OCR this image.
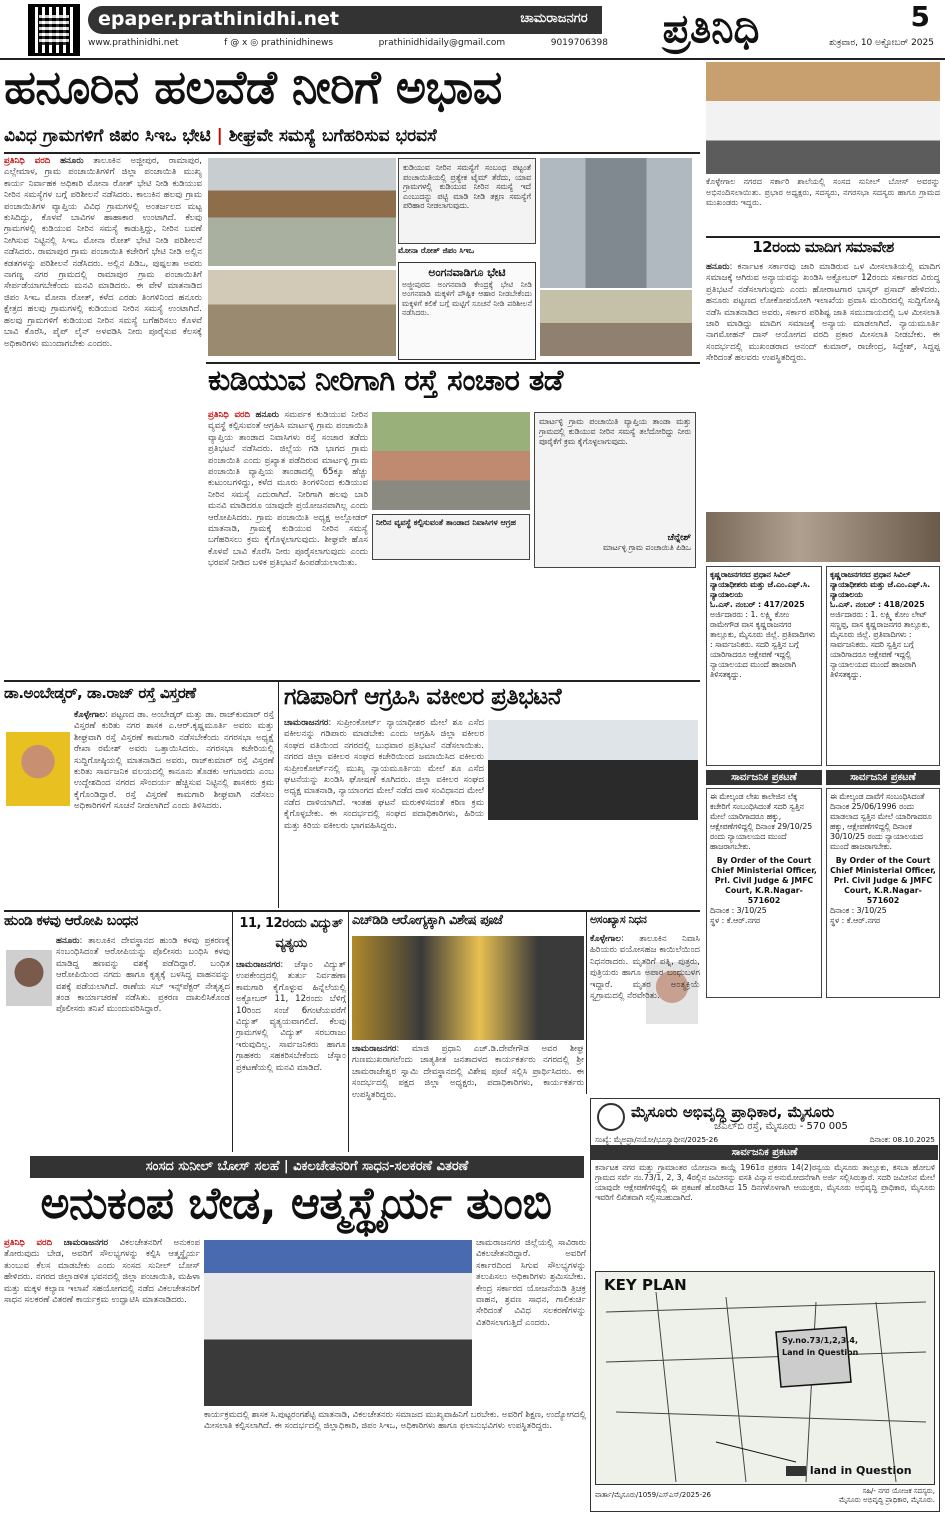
epaper.prathinidhi.net	ಚಾಮರಾಜನಗರ
www.prathinidhi.net	f @ x ◎ prathinidhinews	prathinidhidaily@gmail.com	9019706398	ಪ್ರತಿನಿಧಿ	5
ಶುಕ್ರವಾರ, 10 ಅಕ್ಟೋಬರ್ 2025
ಹನೂರಿನ ಹಲವೆಡೆ ನೀರಿಗೆ ಅಭಾವ
ವಿವಿಧ ಗ್ರಾಮಗಳಿಗೆ ಜಿಪಂ ಸಿಇಒ ಭೇಟಿ | ಶೀಘ್ರವೇ ಸಮಸ್ಯೆ ಬಗೆಹರಿಸುವ ಭರವಸೆ
ಪ್ರತಿನಿಧಿ ವರದಿ ಹನೂರು ತಾಲೂಕಿನ ಅಜ್ಜೀಪುರ, ರಾಮಾಪುರ, ಎಲ್ಲೇಮಾಳ, ಗ್ರಾಮ ಪಂಚಾಯಿತಿಗಳಿಗೆ ಜಿಲ್ಲಾ ಪಂಚಾಯಿತಿ ಮುಖ್ಯ ಕಾರ್ಯ ನಿರ್ವಾಹಕ ಅಧಿಕಾರಿ ಮೋನಾ ರೋತ್ ಭೇಟಿ ನೀಡಿ ಕುಡಿಯುವ ನೀರಿನ ಸಮಸ್ಯೆಗಳ ಬಗ್ಗೆ ಪರಿಶೀಲನೆ ನಡೆಸಿದರು. ಕಾಲುಕಿನ ಹಲವು ಗ್ರಾಮ ಪಂಚಾಯಿತಿಗಳ ವ್ಯಾಪ್ತಿಯ ವಿವಿಧ ಗ್ರಾಮಗಳಲ್ಲಿ ಅಂತರ್ಜಲದ ಮಟ್ಟ ಕುಸಿದಿದ್ದು, ಕೊಳವೆ ಬಾವಿಗಳ ಹಾಹಾಕಾರ ಉಂಟಾಗಿದೆ. ಕೆಲವು ಗ್ರಾಮಗಳಲ್ಲಿ ಕುಡಿಯುವ ನೀರಿನ ಸಮಸ್ಯೆ ಕಾಡುತ್ತಿದ್ದು, ನೀರಿನ ಬವಣೆ ನೀಗಿಸುವ ನಿಟ್ಟಿನಲ್ಲಿ ಸಿಇಒ ಮೋನಾ ರೋತ್ ಭೇಟಿ ನೀಡಿ ಪರಿಶೀಲನೆ ನಡೆಸಿದರು. ರಾಮಾಪುರ ಗ್ರಾಮ ಪಂಚಾಯಿತಿ ಕಚೇರಿಗೆ ಭೇಟಿ ನೀಡಿ ಅಲ್ಲಿನ ಕಡತಗಳನ್ನು ಪರಿಶೀಲನೆ ನಡೆಸಿದರು. ಅಲ್ಲಿನ ಪಿಡಿಒ, ಪುಷ್ಪಲತಾ ಅವರು ನಾಗಣ್ಣ ನಗರ ಗ್ರಾಮದಲ್ಲಿ ರಾಮಾಪುರ ಗ್ರಾಮ ಪಂಚಾಯಿತಿಗೆ ಸೇರ್ಪಡೆಯಾಗಬೇಕೆಂದು ಮನವಿ ಮಾಡಿದರು. ಈ ವೇಳೆ ಮಾತನಾಡಿದ ಜಿಪಂ ಸಿಇಒ ಮೋನಾ ರೋತ್, ಕಳೆದ ಎರಡು ತಿಂಗಳಿನಿಂದ ಹನೂರು ಕ್ಷೇತ್ರದ ಹಲವು ಗ್ರಾಮಗಳಲ್ಲಿ ಕುಡಿಯುವ ನೀರಿನ ಸಮಸ್ಯೆ ಉಂಟಾಗಿದೆ. ಹಲವು ಗ್ರಾಮಗಳಿಗೆ ಕುಡಿಯುವ ನೀರಿನ ಸಮಸ್ಯೆ ಬಗೆಹರಿಸಲು ಕೊಳವೆ ಬಾವಿ ಕೊರೆಸಿ, ಪೈಪ್ ಲೈನ್ ಅಳವಡಿಸಿ ನೀರು ಪೂರೈಸುವ ಕೆಲಸಕ್ಕೆ ಅಧಿಕಾರಿಗಳು ಮುಂದಾಗಬೇಕು ಎಂದರು.
ಕುಡಿಯುವ ನೀರಿನ ಸಮಸ್ಯೆಗೆ ಸಂಬಂಧ ಪಟ್ಟಂತೆ ಪಂಚಾಯಿತಿಯಲ್ಲಿ ಪ್ರತ್ಯೇಕ ಟೈಮ್ ತೆರೆದು, ಯಾವ ಗ್ರಾಮಗಳಲ್ಲಿ ಕುಡಿಯುವ ನೀರಿನ ಸಮಸ್ಯೆ ಇದೆ ಎಂಬುದನ್ನು ಪಟ್ಟಿ ಮಾಡಿ ನೀಡಿ ತಕ್ಷಣ ಸಮಸ್ಯೆಗೆ ಪರಿಹಾರ ನೀಡಲಾಗುವುದು.
ಮೋನಾ ರೋತ್ ಜಿಪಂ ಸಿಇಒ
ಅಂಗನವಾಡಿಗೂ ಭೇಟಿ
ಅಜ್ಜೀಪುರದ ಅಂಗನವಾಡಿ ಕೇಂದ್ರಕ್ಕೆ ಭೇಟಿ ನೀಡಿ ಅಂಗನವಾಡಿ ಮಕ್ಕಳಿಗೆ ಪೌಷ್ಟಿಕ ಆಹಾರ ನೀಡಬೇಕೆಂದು ಮಕ್ಕಳಿಗೆ ಕಲಿಕೆ ಬಗ್ಗೆ ಮಟ್ಟಿಗೆ ಸೂಚನೆ ನೀಡಿ ಪರಿಶೀಲನೆ ನಡೆಸಿದರು.
ಕುಡಿಯುವ ನೀರಿಗಾಗಿ ರಸ್ತೆ ಸಂಚಾರ ತಡೆ
ಪ್ರತಿನಿಧಿ ವರದಿ ಹನೂರು ಸಮರ್ಪಕ ಕುಡಿಯುವ ನೀರಿನ ವ್ಯವಸ್ಥೆ ಕಲ್ಪಿಸುವಂತೆ ಆಗ್ರಹಿಸಿ ಮಾರ್ಟಳ್ಳಿ ಗ್ರಾಮ ಪಂಚಾಯಿತಿ ವ್ಯಾಪ್ತಿಯ ತಾಂಡಾದ ನಿವಾಸಿಗಳು ರಸ್ತೆ ಸಂಚಾರ ತಡೆದು ಪ್ರತಿಭಟನೆ ನಡೆಸಿದರು. ಜಿಲ್ಲೆಯ ಗಡಿ ಭಾಗದ ಗ್ರಾಮ ಪಂಚಾಯಿತಿ ಎಂದು ಪ್ರಖ್ಯಾತ ಪಡೆದಿರುವ ಮಾರ್ಟಳ್ಳಿ ಗ್ರಾಮ ಪಂಚಾಯಿತಿ ವ್ಯಾಪ್ತಿಯ ತಾಂಡಾದಲ್ಲಿ 65ಕ್ಕೂ ಹೆಚ್ಚು ಕುಟುಂಬಗಳಿದ್ದು, ಕಳೆದ ಮೂರು ತಿಂಗಳಿನಿಂದ ಕುಡಿಯುವ ನೀರಿನ ಸಮಸ್ಯೆ ಎದುರಾಗಿದೆ. ನೀರಿಗಾಗಿ ಹಲವು ಬಾರಿ ಮನವಿ ಮಾಡಿದರೂ ಯಾವುದೇ ಪ್ರಯೋಜನವಾಗಿಲ್ಲ ಎಂದು ಆರೋಪಿಸಿದರು. ಗ್ರಾಮ ಪಂಚಾಯಿತಿ ಅಧ್ಯಕ್ಷ ಅಲ್ಲೋಡರ್ ಮಾತನಾಡಿ, ಗ್ರಾಮಕ್ಕೆ ಕುಡಿಯುವ ನೀರಿನ ಸಮಸ್ಯೆ ಬಗೆಹರಿಸಲು ಕ್ರಮ ಕೈಗೊಳ್ಳಲಾಗುವುದು. ಶೀಘ್ರವೇ ಹೊಸ ಕೊಳವೆ ಬಾವಿ ಕೊರೆಸಿ ನೀರು ಪೂರೈಸಲಾಗುವುದು ಎಂದು ಭರವಸೆ ನೀಡಿದ ಬಳಿಕ ಪ್ರತಿಭಟನೆ ಹಿಂಪಡೆಯಲಾಯಿತು.
ನೀರಿನ ವ್ಯವಸ್ಥೆ ಕಲ್ಪಿಸುವಂತೆ ತಾಂಡಾದ ನಿವಾಸಿಗಳ ಆಗ್ರಹ
ಮಾರ್ಟಳ್ಳಿ ಗ್ರಾಮ ಪಂಚಾಯಿತಿ ವ್ಯಾಪ್ತಿಯ ತಾಂಡಾ ಮತ್ತು ಗ್ರಾಮದಲ್ಲಿ ಕುಡಿಯುವ ನೀರಿನ ಸಮಸ್ಯೆ ತಲೆದೋರಿದ್ದು ನೀರು ಪೂರೈಕೆಗೆ ಕ್ರಮ ಕೈಗೊಳ್ಳಲಾಗುವುದು.
ಚೆನ್ನೇಶ್
ಮಾರ್ಟಳ್ಳಿ ಗ್ರಾಮ ಪಂಚಾಯಿತಿ ಪಿಡಿಒ
ಕೊಳ್ಳೇಗಾಲ ನಗರದ ಸರ್ಕಾರಿ ಶಾಲೆಯಲ್ಲಿ ಸಂಸದ ಸುನೀಲ್ ಬೋಸ್ ಅವರನ್ನು ಅಭಿನಂದಿಸಲಾಯಿತು. ಪ್ರಭಾರ ಅಧ್ಯಕ್ಷರು, ಸದಸ್ಯರು, ನಗರಸಭಾ ಸದಸ್ಯರು ಹಾಗೂ ಗ್ರಾಮದ ಮುಖಂಡರು ಇದ್ದರು.
12ರಂದು ಮಾದಿಗ ಸಮಾವೇಶ
ಹನೂರು: ಕರ್ನಾಟಕ ಸರ್ಕಾರವು ಜಾರಿ ಮಾಡಿರುವ ಒಳ ಮೀಸಲಾತಿಯಲ್ಲಿ ಮಾದಿಗ ಸಮಾಜಕ್ಕೆ ಆಗಿರುವ ಅನ್ಯಾಯವನ್ನು ಖಂಡಿಸಿ ಅಕ್ಟೋಬರ್ 12ರಂದು ಸರ್ಕಾರದ ವಿರುದ್ಧ ಪ್ರತಿಭಟನೆ ನಡೆಸಲಾಗುವುದು ಎಂದು ಹೋರಾಟಗಾರ ಭಾಸ್ಕರ್ ಪ್ರಸಾದ್ ಹೇಳಿದರು. ಹನೂರು ಪಟ್ಟಣದ ಲೋಕೋಪಯೋಗಿ ಇಲಾಖೆಯ ಪ್ರವಾಸಿ ಮಂದಿರದಲ್ಲಿ ಸುದ್ದಿಗೋಷ್ಠಿ ನಡೆಸಿ ಮಾತನಾಡಿದ ಅವರು, ಸರ್ಕಾರ ಪರಿಶಿಷ್ಟ ಜಾತಿ ಸಮುದಾಯದಲ್ಲಿ ಒಳ ಮೀಸಲಾತಿ ಜಾರಿ ಮಾಡಿದ್ದು ಮಾದಿಗ ಸಮಾಜಕ್ಕೆ ಅನ್ಯಾಯ ಮಾಡಲಾಗಿದೆ. ನ್ಯಾಯಮೂರ್ತಿ ನಾಗಮೋಹನ್ ದಾಸ್ ಆಯೋಗದ ವರದಿ ಪ್ರಕಾರ ಮೀಸಲಾತಿ ನೀಡಬೇಕು. ಈ ಸಂದರ್ಭದಲ್ಲಿ ಮುಖಂಡರಾದ ಆನಂದ್ ಕುಮಾರ್, ರಾಜೇಂದ್ರ, ಸಿದ್ದೇಶ್, ಸಿದ್ದಪ್ಪ ಸೇರಿದಂತೆ ಹಲವರು ಉಪಸ್ಥಿತರಿದ್ದರು.
ಕೃಷ್ಣರಾಜನಗರದ ಪ್ರಧಾನ ಸಿವಿಲ್ ನ್ಯಾಯಾಧೀಶರು ಮತ್ತು ಜೆ.ಎಂ.ಎಫ್.ಸಿ. ನ್ಯಾಯಾಲಯ
ಓ.ಎಸ್. ನಂಬರ್ : 417/2025
ಅರ್ಜಿದಾರರು : 1. ಲಕ್ಷ್ಮಿ ಕೋಂ ರಾಮೇಗೌಡ ವಾಸ ಕೃಷ್ಣರಾಜನಗರ ತಾಲ್ಲೂಕು, ಮೈಸೂರು ಜಿಲ್ಲೆ. ಪ್ರತಿವಾದಿಗಳು : ಸಾರ್ವಜನಿಕರು. ಸದರಿ ಸ್ವತ್ತಿನ ಬಗ್ಗೆ ಯಾರಿಗಾದರೂ ಆಕ್ಷೇಪಣೆ ಇದ್ದಲ್ಲಿ ನ್ಯಾಯಾಲಯದ ಮುಂದೆ ಹಾಜರಾಗಿ ತಿಳಿಸತಕ್ಕದ್ದು.
ಕೃಷ್ಣರಾಜನಗರದ ಪ್ರಧಾನ ಸಿವಿಲ್ ನ್ಯಾಯಾಧೀಶರು ಮತ್ತು ಜೆ.ಎಂ.ಎಫ್.ಸಿ. ನ್ಯಾಯಾಲಯ
ಓ.ಎಸ್. ನಂಬರ್ : 418/2025
ಅರ್ಜಿದಾರರು : 1. ಲಕ್ಷ್ಮಿ ಕೋಂ ಲೇಟ್ ಸಣ್ಣಪ್ಪ, ವಾಸ ಕೃಷ್ಣರಾಜನಗರ ತಾಲ್ಲೂಕು, ಮೈಸೂರು ಜಿಲ್ಲೆ. ಪ್ರತಿವಾದಿಗಳು : ಸಾರ್ವಜನಿಕರು. ಸದರಿ ಸ್ವತ್ತಿನ ಬಗ್ಗೆ ಯಾರಿಗಾದರೂ ಆಕ್ಷೇಪಣೆ ಇದ್ದಲ್ಲಿ ನ್ಯಾಯಾಲಯದ ಮುಂದೆ ಹಾಜರಾಗಿ ತಿಳಿಸತಕ್ಕದ್ದು.
ಸಾರ್ವಜನಿಕ ಪ್ರಕಟಣೆ	ಸಾರ್ವಜನಿಕ ಪ್ರಕಟಣೆ
ಈ ಮೇಲ್ಕಂಡ ಲೇಖ ಕಾಲೇಜಿನ ಲೆಕ್ಕ ಕಚೇರಿಗೆ ಸಂಬಂಧಿಸಿದಂತೆ ಸದರಿ ಸ್ವತ್ತಿನ ಮೇಲೆ ಯಾರಿಗಾದರೂ ಹಕ್ಕು, ಆಕ್ಷೇಪಣೆಗಳಿದ್ದಲ್ಲಿ ದಿನಾಂಕ 29/10/25 ರಂದು ನ್ಯಾಯಾಲಯದ ಮುಂದೆ ಹಾಜರಾಗಬೇಕು.
By Order of the Court
Chief Ministerial Officer,
Prl. Civil Judge & JMFC
Court, K.R.Nagar-571602
ದಿನಾಂಕ : 3/10/25
ಸ್ಥಳ : ಕೆ.ಆರ್.ನಗರ
ಈ ಮೇಲ್ಕಂಡ ದಾವೆಗೆ ಸಂಬಂಧಿಸಿದಂತೆ ದಿನಾಂಕ 25/06/1996 ರಂದು ಮಾಡಲಾದ ಸ್ವತ್ತಿನ ಮೇಲೆ ಯಾರಿಗಾದರೂ ಹಕ್ಕು, ಆಕ್ಷೇಪಣೆಗಳಿದ್ದಲ್ಲಿ ದಿನಾಂಕ 30/10/25 ರಂದು ನ್ಯಾಯಾಲಯದ ಮುಂದೆ ಹಾಜರಾಗಬೇಕು.
By Order of the Court
Chief Ministerial Officer,
Prl. Civil Judge & JMFC
Court, K.R.Nagar-571602
ದಿನಾಂಕ : 3/10/25
ಸ್ಥಳ : ಕೆ.ಆರ್.ನಗರ
ಡಾ.ಅಂಬೇಡ್ಕರ್, ಡಾ.ರಾಜ್ ರಸ್ತೆ ವಿಸ್ತರಣೆ
ಕೊಳ್ಳೇಗಾಲ: ಪಟ್ಟಣದ ಡಾ. ಅಂಬೇಡ್ಕರ್ ಮತ್ತು ಡಾ. ರಾಜ್‌ಕುಮಾರ್ ರಸ್ತೆ ವಿಸ್ತರಣೆ ಕುರಿತು ನಗರ ಶಾಸಕ ಎ.ಆರ್.ಕೃಷ್ಣಮೂರ್ತಿ ಅವರು ಮತ್ತು ಶೀಘ್ರವಾಗಿ ರಸ್ತೆ ವಿಸ್ತರಣೆ ಕಾಮಗಾರಿ ನಡೆಸಬೇಕೆಂದು ನಗರಸಭಾ ಅಧ್ಯಕ್ಷೆ ರೇಖಾ ರಮೇಶ್ ಅವರು ಒತ್ತಾಯಿಸಿದರು. ನಗರಸಭಾ ಕಚೇರಿಯಲ್ಲಿ ಸುದ್ದಿಗೋಷ್ಠಿಯಲ್ಲಿ ಮಾತನಾಡಿದ ಅವರು, ರಾಜ್‌ಕುಮಾರ್ ರಸ್ತೆ ವಿಸ್ತರಣೆ ಕುರಿತು ಸಾರ್ವಜನಿಕ ವಲಯದಲ್ಲಿ ಕಾನೂನು ತೊಡಕು ಆಗಬಾರದು ಎಂಬ ಉದ್ದೇಶದಿಂದ ನಗರದ ಸೌಂದರ್ಯ ಹೆಚ್ಚಿಸುವ ನಿಟ್ಟಿನಲ್ಲಿ ಶಾಸಕರು ಕ್ರಮ ಕೈಗೊಂಡಿದ್ದಾರೆ. ರಸ್ತೆ ವಿಸ್ತರಣೆ ಕಾಮಗಾರಿ ಶೀಘ್ರವಾಗಿ ನಡೆಸಲು ಅಧಿಕಾರಿಗಳಿಗೆ ಸೂಚನೆ ನೀಡಲಾಗಿದೆ ಎಂದು ತಿಳಿಸಿದರು.
ಗಡಿಪಾರಿಗೆ ಆಗ್ರಹಿಸಿ ವಕೀಲರ ಪ್ರತಿಭಟನೆ
ಚಾಮರಾಜನಗರ: ಸುಪ್ರೀಂಕೋರ್ಟ್ ನ್ಯಾಯಾಧೀಶರ ಮೇಲೆ ಶೂ ಎಸೆದ ವಕೀಲನನ್ನು ಗಡಿಪಾರು ಮಾಡಬೇಕು ಎಂದು ಆಗ್ರಹಿಸಿ ಜಿಲ್ಲಾ ವಕೀಲರ ಸಂಘದ ವತಿಯಿಂದ ನಗರದಲ್ಲಿ ಬುಧವಾರ ಪ್ರತಿಭಟನೆ ನಡೆಸಲಾಯಿತು. ನಗರದ ಜಿಲ್ಲಾ ವಕೀಲರ ಸಂಘದ ಕಚೇರಿಯಿಂದ ಜಮಾಯಿಸಿದ ವಕೀಲರು ಸುಪ್ರೀಂಕೋರ್ಟ್‌ನಲ್ಲಿ ಮುಖ್ಯ ನ್ಯಾಯಮೂರ್ತಿಯ ಮೇಲೆ ಶೂ ಎಸೆದ ಘಟನೆಯನ್ನು ಖಂಡಿಸಿ ಘೋಷಣೆ ಕೂಗಿದರು. ಜಿಲ್ಲಾ ವಕೀಲರ ಸಂಘದ ಅಧ್ಯಕ್ಷ ಮಾತನಾಡಿ, ನ್ಯಾಯಾಂಗದ ಮೇಲೆ ನಡೆದ ದಾಳಿ ಸಂವಿಧಾನದ ಮೇಲೆ ನಡೆದ ದಾಳಿಯಾಗಿದೆ. ಇಂತಹ ಘಟನೆ ಮರುಕಳಿಸದಂತೆ ಕಠಿಣ ಕ್ರಮ ಕೈಗೊಳ್ಳಬೇಕು. ಈ ಸಂದರ್ಭದಲ್ಲಿ ಸಂಘದ ಪದಾಧಿಕಾರಿಗಳು, ಹಿರಿಯ ಮತ್ತು ಕಿರಿಯ ವಕೀಲರು ಭಾಗವಹಿಸಿದ್ದರು.
ಹುಂಡಿ ಕಳವು ಆರೋಪಿ ಬಂಧನ
ಹನೂರು: ತಾಲೂಕಿನ ದೇವಸ್ಥಾನದ ಹುಂಡಿ ಕಳವು ಪ್ರಕರಣಕ್ಕೆ ಸಂಬಂಧಿಸಿದಂತೆ ಆರೋಪಿಯನ್ನು ಪೊಲೀಸರು ಬಂಧಿಸಿ ಕಳವು ಮಾಡಿದ್ದ ಹಣವನ್ನು ವಶಕ್ಕೆ ಪಡೆದಿದ್ದಾರೆ. ಬಂಧಿತ ಆರೋಪಿಯಿಂದ ನಗದು ಹಾಗೂ ಕೃತ್ಯಕ್ಕೆ ಬಳಸಿದ್ದ ವಾಹನವನ್ನು ವಶಕ್ಕೆ ಪಡೆಯಲಾಗಿದೆ. ಠಾಣೆಯ ಸಬ್ ಇನ್ಸ್‌ಪೆಕ್ಟರ್ ನೇತೃತ್ವದ ತಂಡ ಕಾರ್ಯಾಚರಣೆ ನಡೆಸಿತು. ಪ್ರಕರಣ ದಾಖಲಿಸಿಕೊಂಡ ಪೊಲೀಸರು ತನಿಖೆ ಮುಂದುವರಿಸಿದ್ದಾರೆ.
11, 12ರಂದು ವಿದ್ಯುತ್ ವ್ಯತ್ಯಯ
ಚಾಮರಾಜನಗರ: ಚೆಸ್ಕಾಂ ವಿದ್ಯುತ್ ಉಪಕೇಂದ್ರದಲ್ಲಿ ತುರ್ತು ನಿರ್ವಹಣಾ ಕಾಮಗಾರಿ ಕೈಗೊಳ್ಳುವ ಹಿನ್ನೆಲೆಯಲ್ಲಿ ಅಕ್ಟೋಬರ್ 11, 12ರಂದು ಬೆಳಿಗ್ಗೆ 10ರಿಂದ ಸಂಜೆ 6ಗಂಟೆಯವರೆಗೆ ವಿದ್ಯುತ್ ವ್ಯತ್ಯಯವಾಗಲಿದೆ. ಕೆಲವು ಗ್ರಾಮಗಳಲ್ಲಿ ವಿದ್ಯುತ್ ಸರಬರಾಜು ಇರುವುದಿಲ್ಲ. ಸಾರ್ವಜನಿಕರು ಹಾಗೂ ಗ್ರಾಹಕರು ಸಹಕರಿಸಬೇಕೆಂದು ಚೆಸ್ಕಾಂ ಪ್ರಕಟಣೆಯಲ್ಲಿ ಮನವಿ ಮಾಡಿದೆ.
ಎಚ್‌ಡಿಡಿ ಆರೋಗ್ಯಕ್ಕಾಗಿ ವಿಶೇಷ ಪೂಜೆ
ಚಾಮರಾಜನಗರ: ಮಾಜಿ ಪ್ರಧಾನಿ ಎಚ್.ಡಿ.ದೇವೇಗೌಡ ಅವರ ಶೀಘ್ರ ಗುಣಮುಖರಾಗಲೆಂದು ಜಾತ್ಯತೀತ ಜನತಾದಳದ ಕಾರ್ಯಕರ್ತರು ನಗರದಲ್ಲಿ ಶ್ರೀ ಚಾಮರಾಜೇಶ್ವರ ಸ್ವಾಮಿ ದೇವಸ್ಥಾನದಲ್ಲಿ ವಿಶೇಷ ಪೂಜೆ ಸಲ್ಲಿಸಿ ಪ್ರಾರ್ಥಿಸಿದರು. ಈ ಸಂದರ್ಭದಲ್ಲಿ ಪಕ್ಷದ ಜಿಲ್ಲಾ ಅಧ್ಯಕ್ಷರು, ಪದಾಧಿಕಾರಿಗಳು, ಕಾರ್ಯಕರ್ತರು ಉಪಸ್ಥಿತರಿದ್ದರು.
ಅಸಂಖ್ಯಾಸ ನಿಧನ
ಕೊಳ್ಳೇಗಾಲ: ತಾಲೂಕಿನ ನಿವಾಸಿ ಹಿರಿಯರು ವಯೋಸಹಜ ಕಾಯಿಲೆಯಿಂದ ನಿಧನರಾದರು. ಮೃತರಿಗೆ ಪತ್ನಿ, ಪುತ್ರರು, ಪುತ್ರಿಯರು ಹಾಗೂ ಅಪಾರ ಬಂಧುಬಳಗ ಇದ್ದಾರೆ. ಮೃತರ ಅಂತ್ಯಕ್ರಿಯೆ ಸ್ವಗ್ರಾಮದಲ್ಲಿ ನೆರವೇರಿತು.
ಮೈಸೂರು ಅಭಿವೃದ್ಧಿ ಪ್ರಾಧಿಕಾರ, ಮೈಸೂರು
ಜೆಎಲ್‌ಬಿ ರಸ್ತೆ, ಮೈಸೂರು - 570 005
ಸಂಖ್ಯೆ: ಮೈಅಪ್ರಾ/ನಯೋ/ಭೂಸ್ವಾಧೀನ/2025-26	ದಿನಾಂಕ: 08.10.2025
ಸಾರ್ವಜನಿಕ ಪ್ರಕಟಣೆ
ಕರ್ನಾಟಕ ನಗರ ಮತ್ತು ಗ್ರಾಮಾಂತರ ಯೋಜನಾ ಕಾಯ್ದೆ 1961ರ ಪ್ರಕರಣ 14(2)ರನ್ವಯ ಮೈಸೂರು ತಾಲ್ಲೂಕು, ಕಸಬಾ ಹೋಬಳಿ ಗ್ರಾಮದ ಸರ್ವೆ ನಂ.73/1, 2, 3, 4ರಲ್ಲಿನ ಜಮೀನನ್ನು ವಸತಿ ವಿನ್ಯಾಸ ಅನುಮೋದನೆಗಾಗಿ ಅರ್ಜಿ ಸಲ್ಲಿಸಿರುತ್ತಾರೆ. ಸದರಿ ಜಮೀನಿನ ಮೇಲೆ ಯಾವುದೇ ಆಕ್ಷೇಪಣೆಗಳಿದ್ದಲ್ಲಿ ಈ ಪ್ರಕಟಣೆ ಹೊರಡಿಸಿದ 15 ದಿನಗಳೊಳಗಾಗಿ ಆಯುಕ್ತರು, ಮೈಸೂರು ಅಭಿವೃದ್ಧಿ ಪ್ರಾಧಿಕಾರ, ಮೈಸೂರು ಇವರಿಗೆ ಲಿಖಿತವಾಗಿ ಸಲ್ಲಿಸಬಹುದಾಗಿದೆ.
KEY PLAN
Sy.no.73/1,2,3,4,
Land in Question
land in Question
ವಾರ್ತಾ/ಮೈಸೂರು/1059/ಎಸ್‌ಎಸ್/2025-26	ಸಹಿ/- ನಗರ ಯೋಜಕ ಸದಸ್ಯರು,
ಮೈಸೂರು ಅಭಿವೃದ್ಧಿ ಪ್ರಾಧಿಕಾರ, ಮೈಸೂರು.
ಸಂಸದ ಸುನೀಲ್ ಬೋಸ್ ಸಲಹೆ | ವಿಕಲಚೇತನರಿಗೆ ಸಾಧನ-ಸಲಕರಣೆ ವಿತರಣೆ
ಅನುಕಂಪ ಬೇಡ, ಆತ್ಮಸ್ಥೈರ್ಯ ತುಂಬಿ
ಪ್ರತಿನಿಧಿ ವರದಿ ಚಾಮರಾಜನಗರ ವಿಕಲಚೇತನರಿಗೆ ಅನುಕಂಪ ತೋರುವುದು ಬೇಡ, ಅವರಿಗೆ ಸೌಲಭ್ಯಗಳನ್ನು ಕಲ್ಪಿಸಿ ಆತ್ಮಸ್ಥೈರ್ಯ ತುಂಬುವ ಕೆಲಸ ಮಾಡಬೇಕು ಎಂದು ಸಂಸದ ಸುನೀಲ್ ಬೋಸ್ ಹೇಳಿದರು. ನಗರದ ಜಿಲ್ಲಾಡಳಿತ ಭವನದಲ್ಲಿ ಜಿಲ್ಲಾ ಪಂಚಾಯಿತಿ, ಮಹಿಳಾ ಮತ್ತು ಮಕ್ಕಳ ಕಲ್ಯಾಣ ಇಲಾಖೆ ಸಹಯೋಗದಲ್ಲಿ ನಡೆದ ವಿಕಲಚೇತನರಿಗೆ ಸಾಧನ ಸಲಕರಣೆ ವಿತರಣೆ ಕಾರ್ಯಕ್ರಮ ಉದ್ಘಾಟಿಸಿ ಮಾತನಾಡಿದರು.
ಚಾಮರಾಜನಗರ ಜಿಲ್ಲೆಯಲ್ಲಿ ಸಾವಿರಾರು ವಿಕಲಚೇತನರಿದ್ದಾರೆ. ಅವರಿಗೆ ಸರ್ಕಾರದಿಂದ ಸಿಗುವ ಸೌಲಭ್ಯಗಳನ್ನು ತಲುಪಿಸಲು ಅಧಿಕಾರಿಗಳು ಶ್ರಮಿಸಬೇಕು. ಕೇಂದ್ರ ಸರ್ಕಾರದ ಯೋಜನೆಯಡಿ ತ್ರಿಚಕ್ರ ವಾಹನ, ಶ್ರವಣ ಸಾಧನ, ಗಾಲಿಕುರ್ಚಿ ಸೇರಿದಂತೆ ವಿವಿಧ ಸಲಕರಣೆಗಳನ್ನು ವಿತರಿಸಲಾಗುತ್ತಿದೆ ಎಂದರು.
ಕಾರ್ಯಕ್ರಮದಲ್ಲಿ ಶಾಸಕ ಸಿ.ಪುಟ್ಟರಂಗಶೆಟ್ಟಿ ಮಾತನಾಡಿ, ವಿಕಲಚೇತನರು ಸಮಾಜದ ಮುಖ್ಯವಾಹಿನಿಗೆ ಬರಬೇಕು. ಅವರಿಗೆ ಶಿಕ್ಷಣ, ಉದ್ಯೋಗದಲ್ಲಿ ಮೀಸಲಾತಿ ಕಲ್ಪಿಸಲಾಗಿದೆ. ಈ ಸಂದರ್ಭದಲ್ಲಿ ಜಿಲ್ಲಾಧಿಕಾರಿ, ಜಿಪಂ ಸಿಇಒ, ಅಧಿಕಾರಿಗಳು ಹಾಗೂ ಫಲಾನುಭವಿಗಳು ಉಪಸ್ಥಿತರಿದ್ದರು.
